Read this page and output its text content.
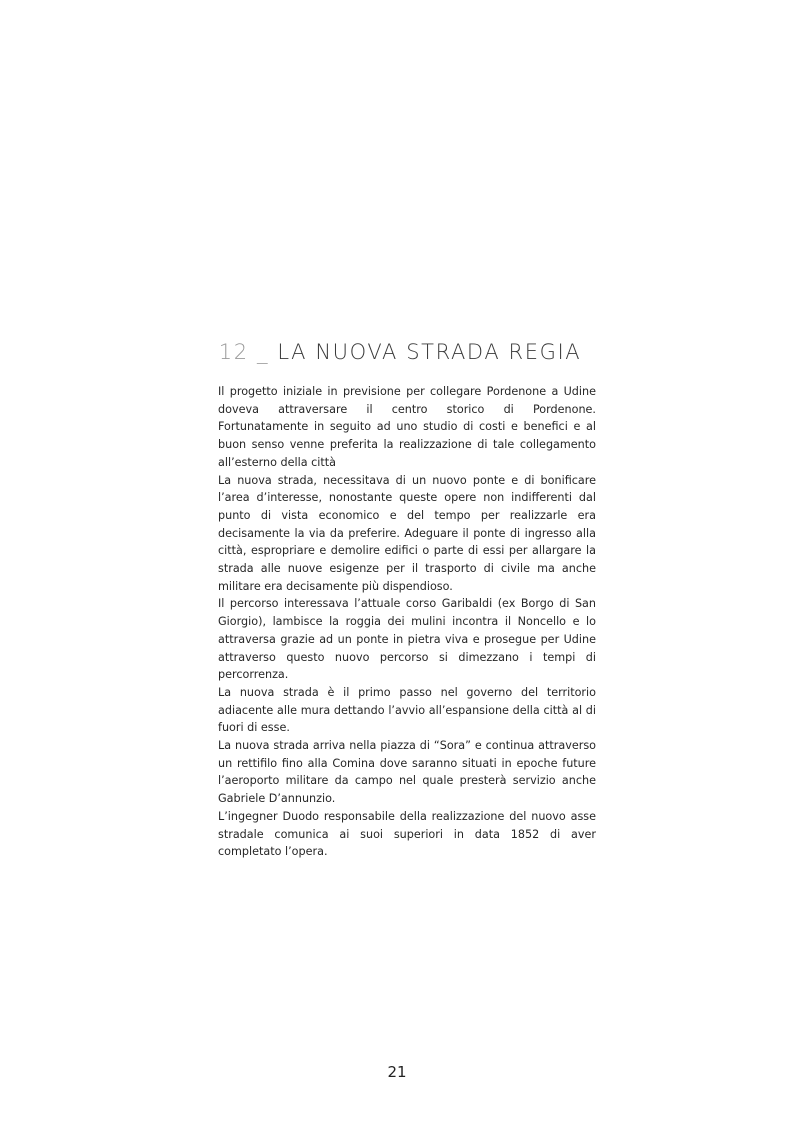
12 _ LA NUOVA STRADA REGIA

Il progetto iniziale in previsione per collegare Pordenone a Udine doveva attraversare il centro storico di Pordenone. Fortunatamente in seguito ad uno studio di costi e benefici e al buon senso venne preferita la realizzazione di tale collegamento all’esterno della città

La nuova strada, necessitava di un nuovo ponte e di bonificare l’area d’interesse, nonostante queste opere non indifferenti dal punto di vista economico e del tempo per realizzarle era decisamente la via da preferire. Adeguare il ponte di ingresso alla città, espropriare e demolire edifici o parte di essi per allargare la strada alle nuove esigenze per il trasporto di civile ma anche militare era decisamente più dispendioso.

Il percorso interessava l’attuale corso Garibaldi (ex Borgo di San Giorgio), lambisce la roggia dei mulini incontra il Noncello e lo attraversa grazie ad un ponte in pietra viva e prosegue per Udine attraverso questo nuovo percorso si dimezzano i tempi di percorrenza.

La nuova strada è il primo passo nel governo del territorio adiacente alle mura dettando l’avvio all’espansione della città al di fuori di esse.

La nuova strada arriva nella piazza di “Sora” e continua attraverso un rettifilo fino alla Comina dove saranno situati in epoche future l’aeroporto militare da campo nel quale presterà servizio anche Gabriele D’annunzio.

L’ingegner Duodo responsabile della realizzazione del nuovo asse stradale comunica ai suoi superiori in data 1852 di aver completato l’opera.

21
